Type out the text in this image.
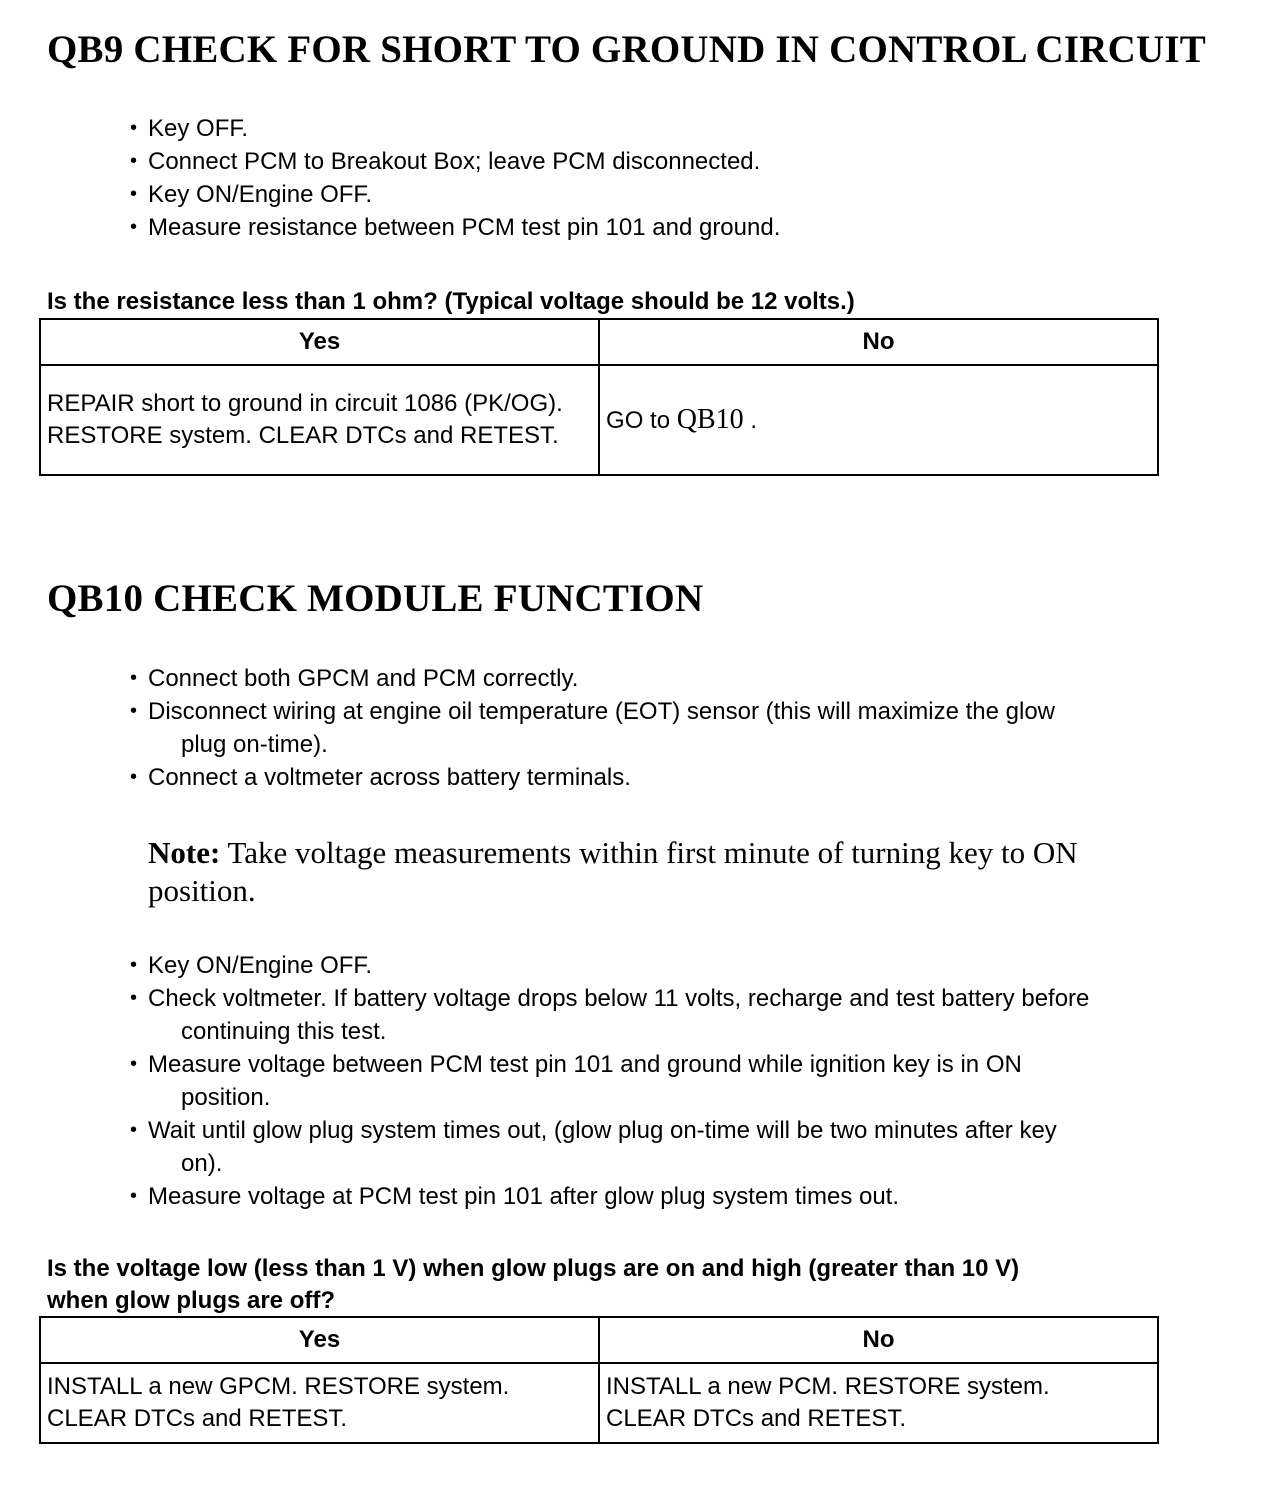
QB9 CHECK FOR SHORT TO GROUND IN CONTROL CIRCUIT
• Key OFF.
• Connect PCM to Breakout Box; leave PCM disconnected.
• Key ON/Engine OFF.
• Measure resistance between PCM test pin 101 and ground.

Is the resistance less than 1 ohm? (Typical voltage should be 12 volts.)

Yes	No
REPAIR short to ground in circuit 1086 (PK/OG). RESTORE system. CLEAR DTCs and RETEST.	GO to QB10 .
QB10 CHECK MODULE FUNCTION
• Connect both GPCM and PCM correctly.
• Disconnect wiring at engine oil temperature (EOT) sensor (this will maximize the glow
plug on-time).
• Connect a voltmeter across battery terminals.

Note: Take voltage measurements within first minute of turning key to ON position.

• Key ON/Engine OFF.
• Check voltmeter. If battery voltage drops below 11 volts, recharge and test battery before
continuing this test.
• Measure voltage between PCM test pin 101 and ground while ignition key is in ON
position.
• Wait until glow plug system times out, (glow plug on-time will be two minutes after key
on).
• Measure voltage at PCM test pin 101 after glow plug system times out.

Is the voltage low (less than 1 V) when glow plugs are on and high (greater than 10 V)
when glow plugs are off?

Yes	No

INSTALL a new GPCM. RESTORE system.
CLEAR DTCs and RETEST.	INSTALL a new PCM. RESTORE system.
CLEAR DTCs and RETEST.
